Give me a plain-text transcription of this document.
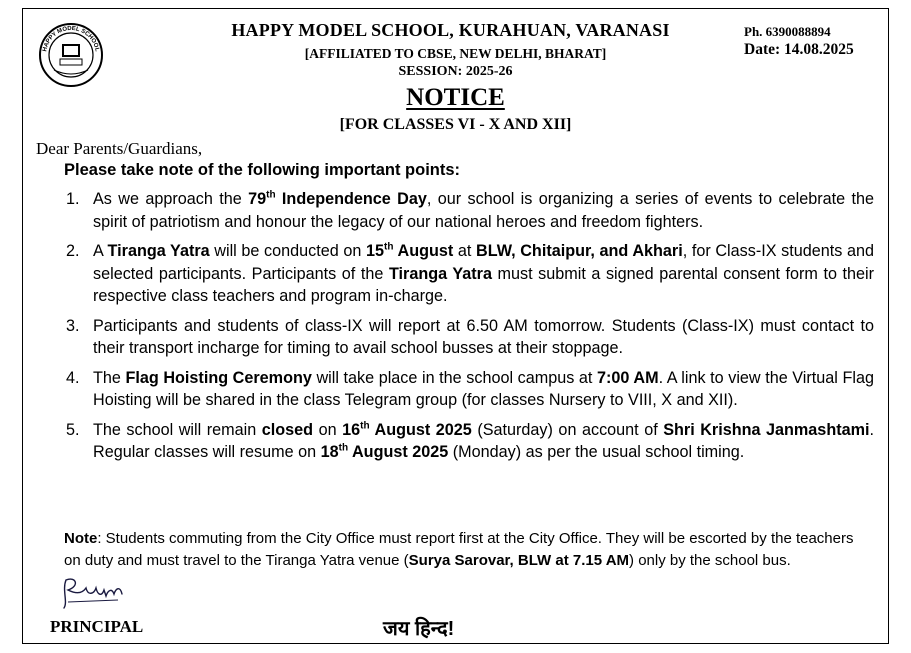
HAPPY MODEL SCHOOL
HAPPY MODEL SCHOOL, KURAHUAN, VARANASI
[AFFILIATED TO CBSE, NEW DELHI, BHARAT]
SESSION: 2025-26
Ph. 6390088894
Date: 14.08.2025
NOTICE
[FOR CLASSES VI - X AND XII]
Dear Parents/Guardians,
Please take note of the following important points:
1. As we approach the 79th Independence Day, our school is organizing a series of events to celebrate the spirit of patriotism and honour the legacy of our national heroes and freedom fighters.
2. A Tiranga Yatra will be conducted on 15th August at BLW, Chitaipur, and Akhari, for Class-IX students and selected participants. Participants of the Tiranga Yatra must submit a signed parental consent form to their respective class teachers and program in-charge.
3. Participants and students of class-IX will report at 6.50 AM tomorrow. Students (Class-IX) must contact to their transport incharge for timing to avail school busses at their stoppage.
4. The Flag Hoisting Ceremony will take place in the school campus at 7:00 AM. A link to view the Virtual Flag Hoisting will be shared in the class Telegram group (for classes Nursery to VIII, X and XII).
5. The school will remain closed on 16th August 2025 (Saturday) on account of Shri Krishna Janmashtami. Regular classes will resume on 18th August 2025 (Monday) as per the usual school timing.
Note: Students commuting from the City Office must report first at the City Office. They will be escorted by the teachers on duty and must travel to the Tiranga Yatra venue (Surya Sarovar, BLW at 7.15 AM) only by the school bus.
PRINCIPAL	जय हिन्द!
